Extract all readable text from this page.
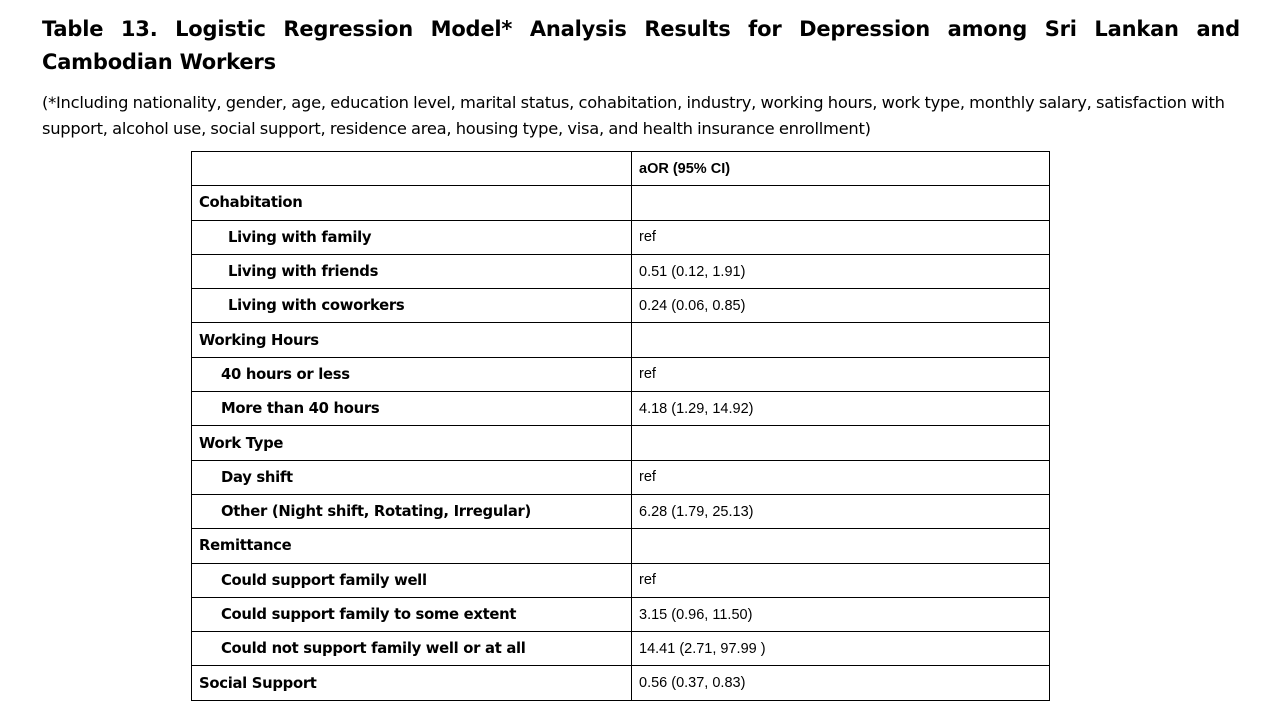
Table 13. Logistic Regression Model* Analysis Results for Depression among Sri Lankan and Cambodian Workers

(*Including nationality, gender, age, education level, marital status, cohabitation, industry, working hours, work type, monthly salary, satisfaction with support, alcohol use, social support, residence area, housing type, visa, and health insurance enrollment)

	aOR (95% CI)
Cohabitation	
Living with family	ref
Living with friends	0.51 (0.12, 1.91)
Living with coworkers	0.24 (0.06, 0.85)
Working Hours	
40 hours or less	ref
More than 40 hours	4.18 (1.29, 14.92)
Work Type	
Day shift	ref
Other (Night shift, Rotating, Irregular)	6.28 (1.79, 25.13)
Remittance	
Could support family well	ref
Could support family to some extent	3.15 (0.96, 11.50)
Could not support family well or at all	14.41 (2.71, 97.99 )
Social Support	0.56 (0.37, 0.83)
